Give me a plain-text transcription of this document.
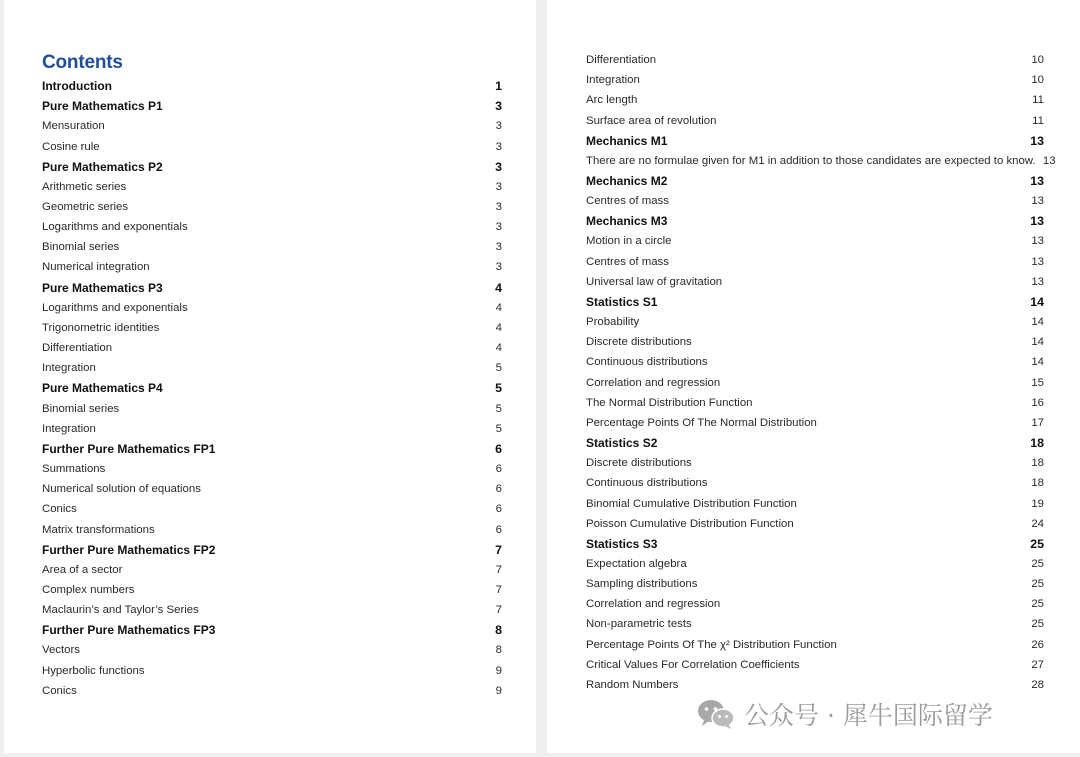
Contents
Introduction	1
Pure Mathematics P1	3
Mensuration	3
Cosine rule	3
Pure Mathematics P2	3
Arithmetic series	3
Geometric series	3
Logarithms and exponentials	3
Binomial series	3
Numerical integration	3
Pure Mathematics P3	4
Logarithms and exponentials	4
Trigonometric identities	4
Differentiation	4
Integration	5
Pure Mathematics P4	5
Binomial series	5
Integration	5
Further Pure Mathematics FP1	6
Summations	6
Numerical solution of equations	6
Conics	6
Matrix transformations	6
Further Pure Mathematics FP2	7
Area of a sector	7
Complex numbers	7
Maclaurin’s and Taylor’s Series	7
Further Pure Mathematics FP3	8
Vectors	8
Hyperbolic functions	9
Conics	9
Differentiation	10
Integration	10
Arc length	11
Surface area of revolution	11
Mechanics M1	13
There are no formulae given for M1 in addition to those candidates are expected to know. 13
Mechanics M2	13
Centres of mass	13
Mechanics M3	13
Motion in a circle	13
Centres of mass	13
Universal law of gravitation	13
Statistics S1	14
Probability	14
Discrete distributions	14
Continuous distributions	14
Correlation and regression	15
The Normal Distribution Function	16
Percentage Points Of The Normal Distribution	17
Statistics S2	18
Discrete distributions	18
Continuous distributions	18
Binomial Cumulative Distribution Function	19
Poisson Cumulative Distribution Function	24
Statistics S3	25
Expectation algebra	25
Sampling distributions	25
Correlation and regression	25
Non-parametric tests	25
Percentage Points Of The χ² Distribution Function	26
Critical Values For Correlation Coefficients	27
Random Numbers	28
公众号 · 犀牛国际留学
